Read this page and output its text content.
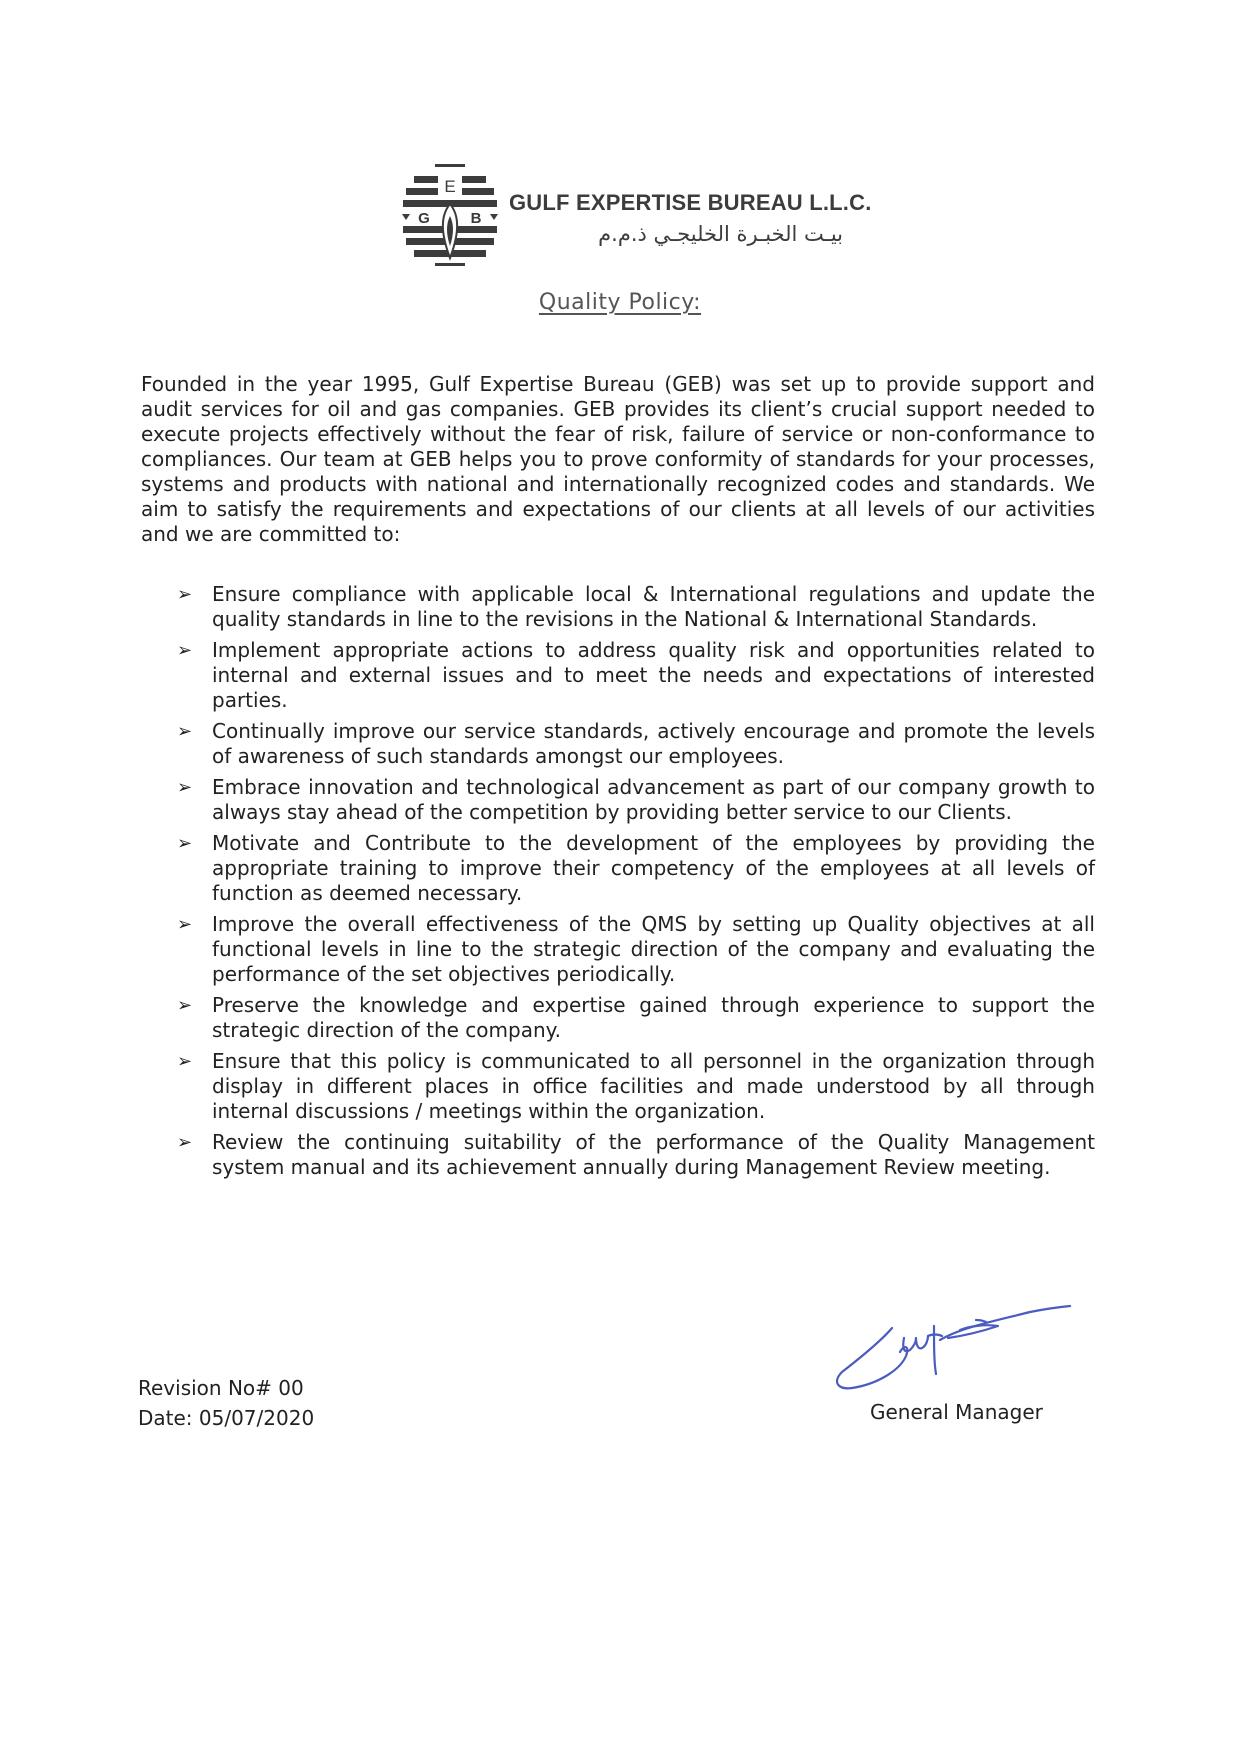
E
G	B
GULF EXPERTISE BUREAU L.L.C.
بيـت الخبـرة الخليجـي ذ.م.م
Quality Policy:

Founded in the year 1995, Gulf Expertise Bureau (GEB) was set up to provide support and audit services for oil and gas companies. GEB provides its client’s crucial support needed to execute projects effectively without the fear of risk, failure of service or non-conformance to compliances. Our team at GEB helps you to prove conformity of standards for your processes, systems and products with national and internationally recognized codes and standards. We aim to satisfy the requirements and expectations of our clients at all levels of our activities and we are committed to:

➢ Ensure compliance with applicable local & International regulations and update the quality standards in line to the revisions in the National & International Standards.
➢ Implement appropriate actions to address quality risk and opportunities related to internal and external issues and to meet the needs and expectations of interested parties.
➢ Continually improve our service standards, actively encourage and promote the levels of awareness of such standards amongst our employees.
➢ Embrace innovation and technological advancement as part of our company growth to always stay ahead of the competition by providing better service to our Clients.
➢ Motivate and Contribute to the development of the employees by providing the appropriate training to improve their competency of the employees at all levels of function as deemed necessary.
➢ Improve the overall effectiveness of the QMS by setting up Quality objectives at all functional levels in line to the strategic direction of the company and evaluating the performance of the set objectives periodically.
➢ Preserve the knowledge and expertise gained through experience to support the strategic direction of the company.
➢ Ensure that this policy is communicated to all personnel in the organization through display in different places in office facilities and made understood by all through internal discussions / meetings within the organization.
➢ Review the continuing suitability of the performance of the Quality Management system manual and its achievement annually during Management Review meeting.
Revision No# 00
Date: 05/07/2020	General Manager
